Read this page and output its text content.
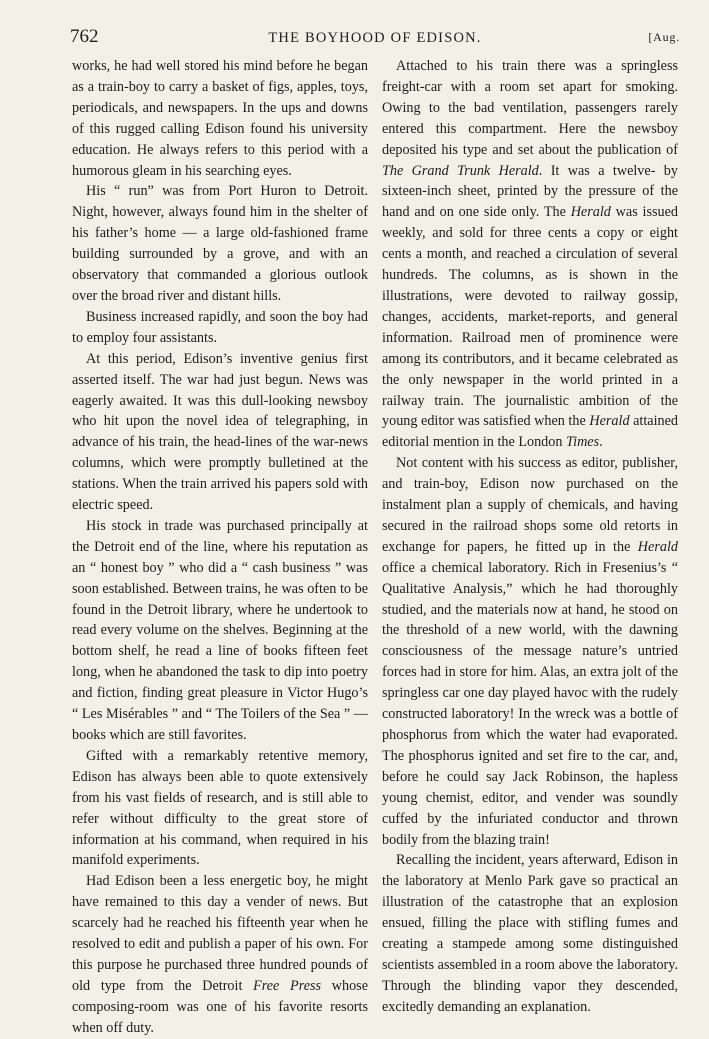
762	THE BOYHOOD OF EDISON.	[Aug.

works, he had well stored his mind before he began as a train-boy to carry a basket of figs, apples, toys, periodicals, and newspapers. In the ups and downs of this rugged calling Edison found his university education. He always refers to this period with a humorous gleam in his searching eyes.

His “ run” was from Port Huron to Detroit. Night, however, always found him in the shelter of his father’s home — a large old-fashioned frame building surrounded by a grove, and with an observatory that commanded a glorious outlook over the broad river and distant hills.

Business increased rapidly, and soon the boy had to employ four assistants.

At this period, Edison’s inventive genius first asserted itself. The war had just begun. News was eagerly awaited. It was this dull-looking newsboy who hit upon the novel idea of telegraphing, in advance of his train, the head-lines of the war-news columns, which were promptly bulletined at the stations. When the train arrived his papers sold with electric speed.

His stock in trade was purchased principally at the Detroit end of the line, where his reputation as an “ honest boy ” who did a “ cash business ” was soon established. Between trains, he was often to be found in the Detroit library, where he undertook to read every volume on the shelves. Beginning at the bottom shelf, he read a line of books fifteen feet long, when he abandoned the task to dip into poetry and fiction, finding great pleasure in Victor Hugo’s “ Les Misérables ” and “ The Toilers of the Sea ” — books which are still favorites.

Gifted with a remarkably retentive memory, Edison has always been able to quote extensively from his vast fields of research, and is still able to refer without difficulty to the great store of information at his command, when required in his manifold experiments.

Had Edison been a less energetic boy, he might have remained to this day a vender of news. But scarcely had he reached his fifteenth year when he resolved to edit and publish a paper of his own. For this purpose he purchased three hundred pounds of old type from the Detroit Free Press whose composing-room was one of his favorite resorts when off duty.

Attached to his train there was a springless freight-car with a room set apart for smoking. Owing to the bad ventilation, passengers rarely entered this compartment. Here the newsboy deposited his type and set about the publication of The Grand Trunk Herald. It was a twelve- by sixteen-inch sheet, printed by the pressure of the hand and on one side only. The Herald was issued weekly, and sold for three cents a copy or eight cents a month, and reached a circulation of several hundreds. The columns, as is shown in the illustrations, were devoted to railway gossip, changes, accidents, market-reports, and general information. Railroad men of prominence were among its contributors, and it became celebrated as the only newspaper in the world printed in a railway train. The journalistic ambition of the young editor was satisfied when the Herald attained editorial mention in the London Times.

Not content with his success as editor, publisher, and train-boy, Edison now purchased on the instalment plan a supply of chemicals, and having secured in the railroad shops some old retorts in exchange for papers, he fitted up in the Herald office a chemical laboratory. Rich in Fresenius’s “ Qualitative Analysis,” which he had thoroughly studied, and the materials now at hand, he stood on the threshold of a new world, with the dawning consciousness of the message nature’s untried forces had in store for him. Alas, an extra jolt of the springless car one day played havoc with the rudely constructed laboratory! In the wreck was a bottle of phosphorus from which the water had evaporated. The phosphorus ignited and set fire to the car, and, before he could say Jack Robinson, the hapless young chemist, editor, and vender was soundly cuffed by the infuriated conductor and thrown bodily from the blazing train!

Recalling the incident, years afterward, Edison in the laboratory at Menlo Park gave so practical an illustration of the catastrophe that an explosion ensued, filling the place with stifling fumes and creating a stampede among some distinguished scientists assembled in a room above the laboratory. Through the blinding vapor they descended, excitedly demanding an explanation.
